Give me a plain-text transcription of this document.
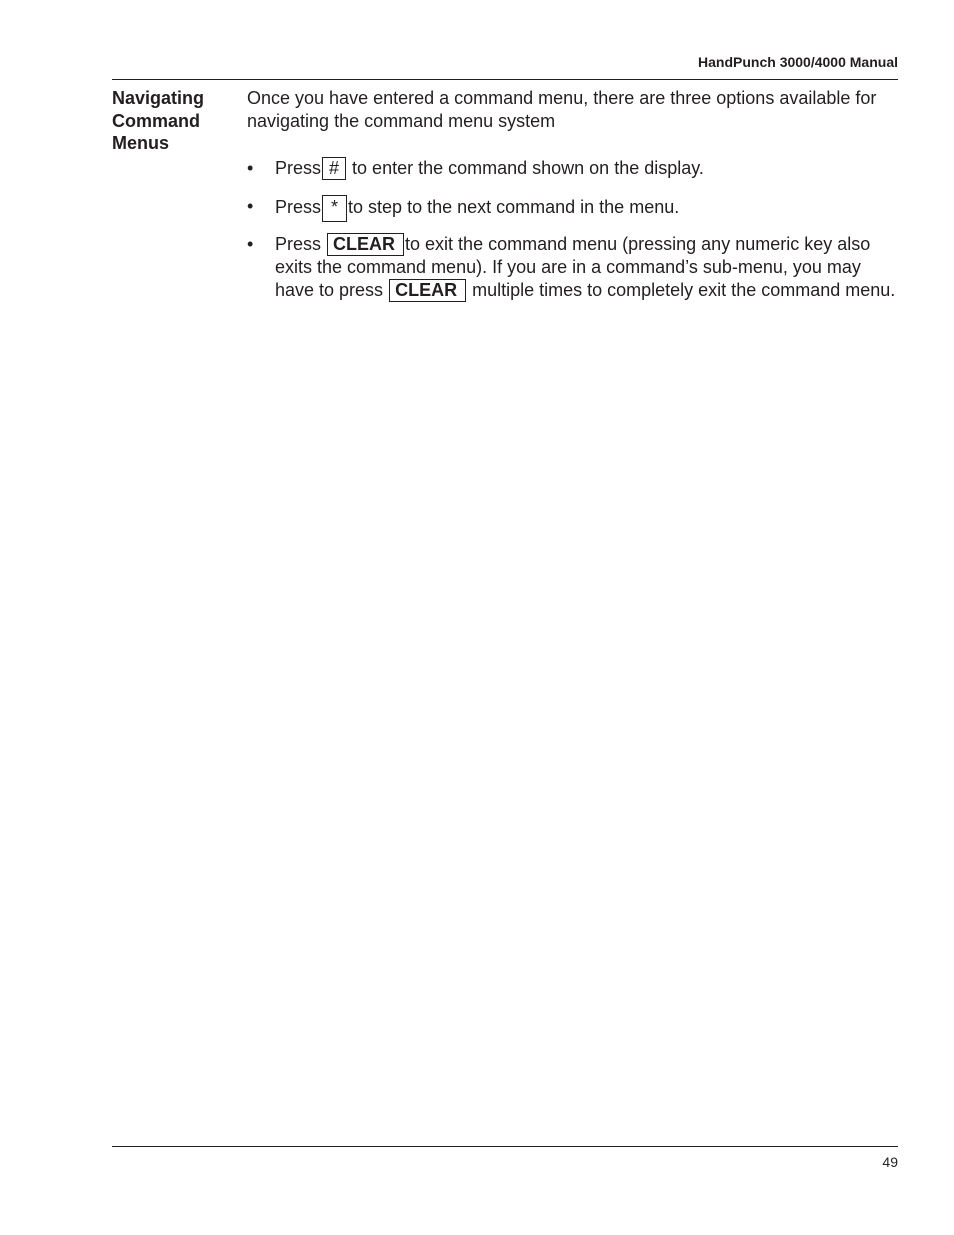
HandPunch 3000/4000 Manual
Navigating
Command
Menus

Once you have entered a command menu, there are three options available for navigating the command menu system

•	Press # to enter the command shown on the display.
•	Press * to step to the next command in the menu.
•	Press CLEAR to exit the command menu (pressing any numeric key also exits the command menu). If you are in a command’s sub-menu, you may have to press CLEAR multiple times to completely exit the command menu.
49
